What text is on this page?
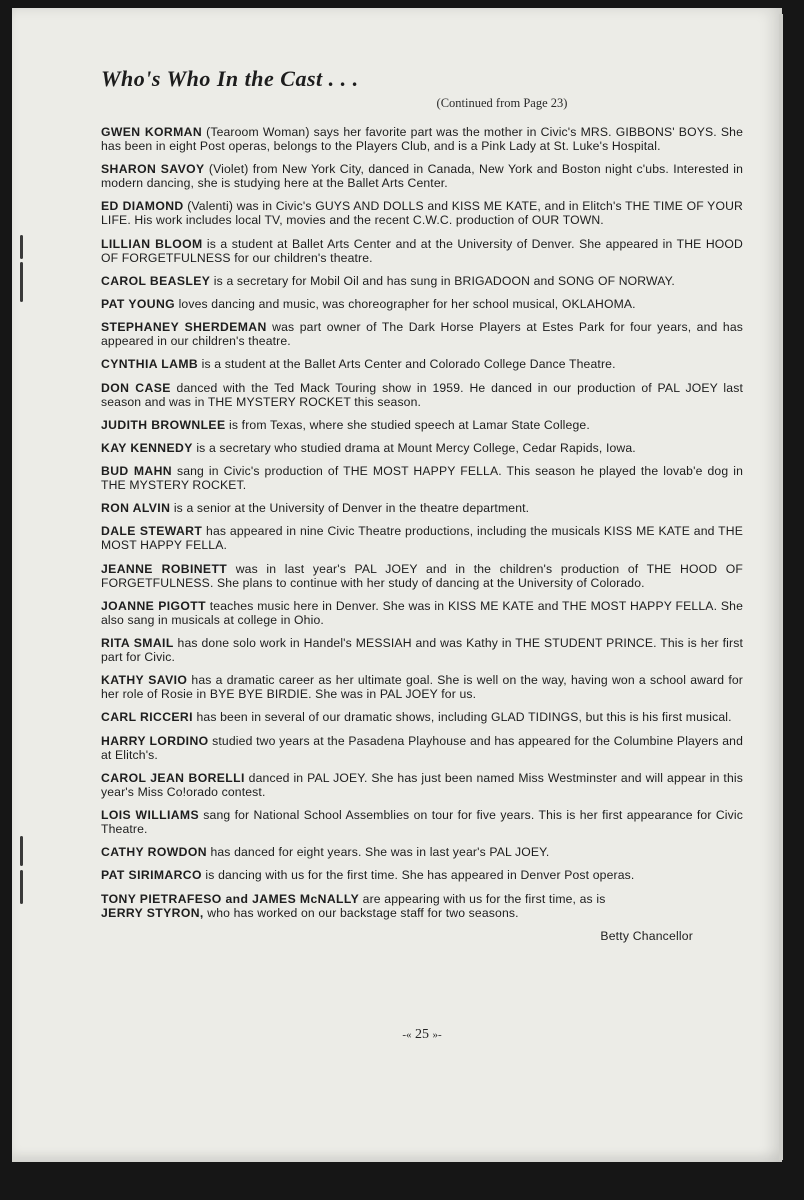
Who's Who In the Cast . . .
(Continued from Page 23)

GWEN KORMAN (Tearoom Woman) says her favorite part was the mother in Civic's MRS. GIBBONS' BOYS. She has been in eight Post operas, belongs to the Players Club, and is a Pink Lady at St. Luke's Hospital.

SHARON SAVOY (Violet) from New York City, danced in Canada, New York and Boston night c'ubs. Interested in modern dancing, she is studying here at the Ballet Arts Center.

ED DIAMOND (Valenti) was in Civic's GUYS AND DOLLS and KISS ME KATE, and in Elitch's THE TIME OF YOUR LIFE. His work includes local TV, movies and the recent C.W.C. production of OUR TOWN.

LILLIAN BLOOM is a student at Ballet Arts Center and at the University of Denver. She appeared in THE HOOD OF FORGETFULNESS for our children's theatre.

CAROL BEASLEY is a secretary for Mobil Oil and has sung in BRIGADOON and SONG OF NORWAY.

PAT YOUNG loves dancing and music, was choreographer for her school musical, OKLAHOMA.

STEPHANEY SHERDEMAN was part owner of The Dark Horse Players at Estes Park for four years, and has appeared in our children's theatre.

CYNTHIA LAMB is a student at the Ballet Arts Center and Colorado College Dance Theatre.

DON CASE danced with the Ted Mack Touring show in 1959. He danced in our production of PAL JOEY last season and was in THE MYSTERY ROCKET this season.

JUDITH BROWNLEE is from Texas, where she studied speech at Lamar State College.

KAY KENNEDY is a secretary who studied drama at Mount Mercy College, Cedar Rapids, Iowa.

BUD MAHN sang in Civic's production of THE MOST HAPPY FELLA. This season he played the lovab'e dog in THE MYSTERY ROCKET.

RON ALVIN is a senior at the University of Denver in the theatre department.

DALE STEWART has appeared in nine Civic Theatre productions, including the musicals KISS ME KATE and THE MOST HAPPY FELLA.

JEANNE ROBINETT was in last year's PAL JOEY and in the children's production of THE HOOD OF FORGETFULNESS. She plans to continue with her study of dancing at the University of Colorado.

JOANNE PIGOTT teaches music here in Denver. She was in KISS ME KATE and THE MOST HAPPY FELLA. She also sang in musicals at college in Ohio.

RITA SMAIL has done solo work in Handel's MESSIAH and was Kathy in THE STUDENT PRINCE. This is her first part for Civic.

KATHY SAVIO has a dramatic career as her ultimate goal. She is well on the way, having won a school award for her role of Rosie in BYE BYE BIRDIE. She was in PAL JOEY for us.

CARL RICCERI has been in several of our dramatic shows, including GLAD TIDINGS, but this is his first musical.

HARRY LORDINO studied two years at the Pasadena Playhouse and has appeared for the Columbine Players and at Elitch's.

CAROL JEAN BORELLI danced in PAL JOEY. She has just been named Miss Westminster and will appear in this year's Miss Co!orado contest.

LOIS WILLIAMS sang for National School Assemblies on tour for five years. This is her first appearance for Civic Theatre.

CATHY ROWDON has danced for eight years. She was in last year's PAL JOEY.

PAT SIRIMARCO is dancing with us for the first time. She has appeared in Denver Post operas.

TONY PIETRAFESO and JAMES McNALLY are appearing with us for the first time, as is
JERRY STYRON, who has worked on our backstage staff for two seasons.

Betty Chancellor
-« 25 »-
